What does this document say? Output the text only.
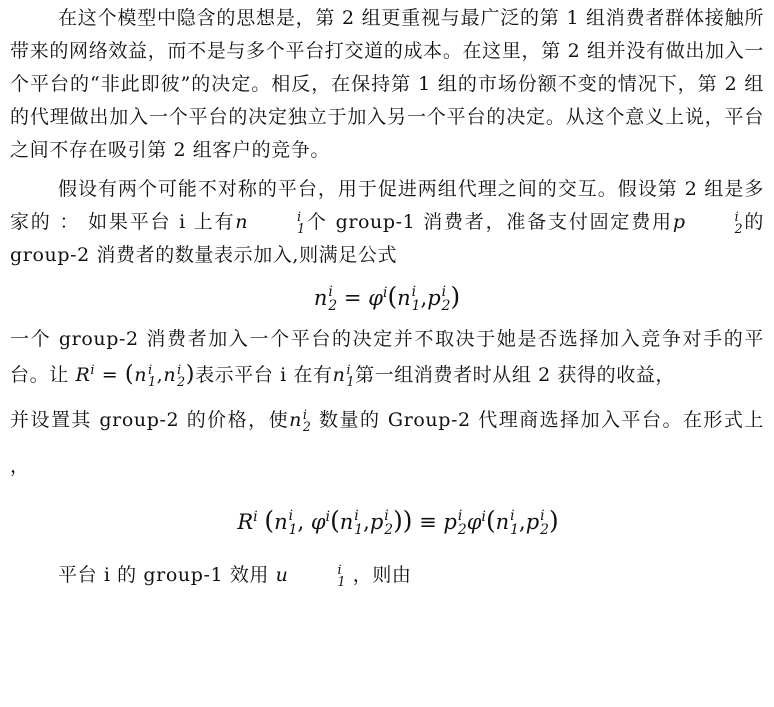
在这个模型中隐含的思想是，第 2 组更重视与最广泛的第 1 组消费者群体接触所带来的网络效益，而不是与多个平台打交道的成本。在这里，第 2 组并没有做出加入一个平台的“非此即彼”的决定。相反，在保持第 1 组的市场份额不变的情况下，第 2 组的代理做出加入一个平台的决定独立于加入另一个平台的决定。从这个意义上说，平台之间不存在吸引第 2 组客户的竞争。

假设有两个可能不对称的平台，用于促进两组代理之间的交互。假设第 2 组是多家的 ： 如果平台 i 上有n	i
1 个 group-1 消费者，准备支付固定费用p	i
2 的 group-2 消费者的数量表示加入,则满足公式

n i
$2 = \varphi^i(n$ i
1 ,p i
2 )

一个 group-2 消费者加入一个平台的决定并不取决于她是否选择加入竞争对手的平台。让 $R^i = (n$ i
1 ,n i
2 )表示平台 i 在有n i
1 第一组消费者时从组 2 获得的收益，

并设置其 group-2 的价格，使n i
2 数量的 Group-2 代理商选择加入平台。在形式上 ，

$R^i$ (n i
1 , $\varphi^i(n$ i
1 ,p i
2 )) ≡ p i
2 $\varphi^i(n$ i
1 ,p i
2 )

平台 i 的 group-1 效用 u	i
1 ，则由
